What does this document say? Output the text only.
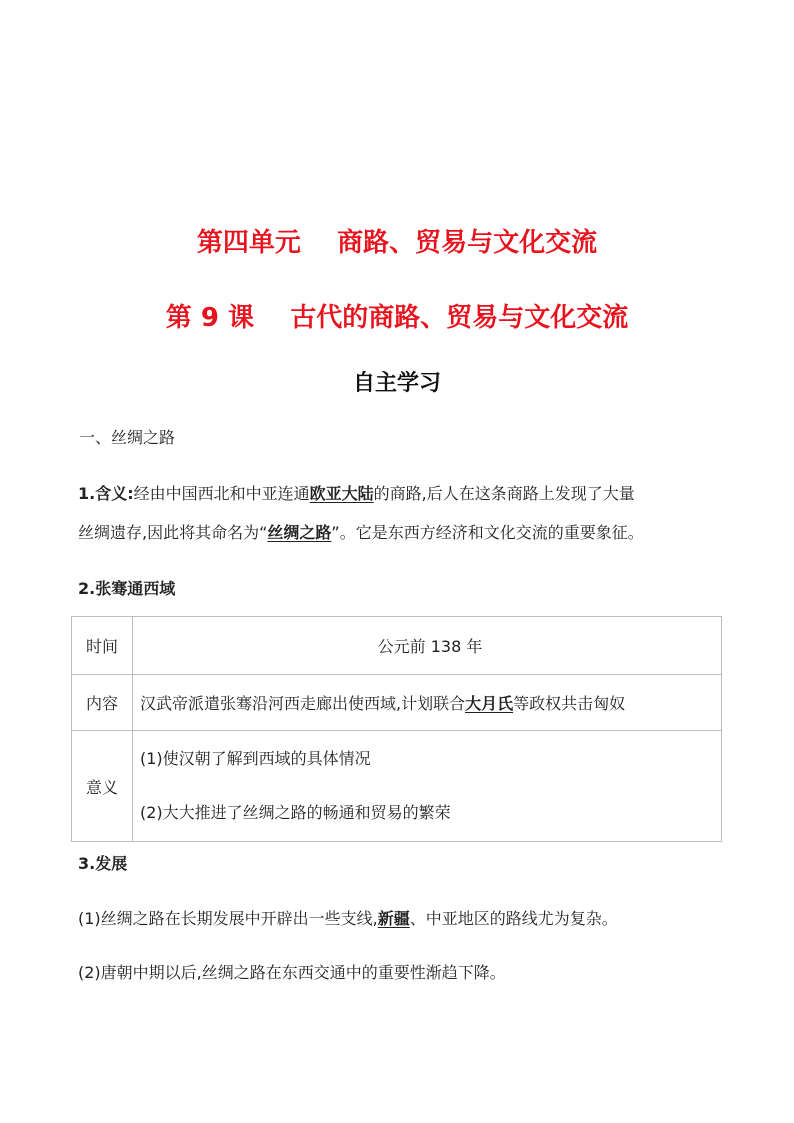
第四单元    商路、贸易与文化交流
第 9 课    古代的商路、贸易与文化交流
自主学习
一、丝绸之路
1.含义:经由中国西北和中亚连通欧亚大陆的商路,后人在这条商路上发现了大量
丝绸遗存,因此将其命名为“丝绸之路”。它是东西方经济和文化交流的重要象征。
2.张骞通西域
时间	公元前 138 年
内容	汉武帝派遣张骞沿河西走廊出使西域,计划联合大月氏等政权共击匈奴
意义	(1)使汉朝了解到西域的具体情况
(2)大大推进了丝绸之路的畅通和贸易的繁荣
3.发展
(1)丝绸之路在长期发展中开辟出一些支线,新疆、中亚地区的路线尤为复杂。
(2)唐朝中期以后,丝绸之路在东西交通中的重要性渐趋下降。
